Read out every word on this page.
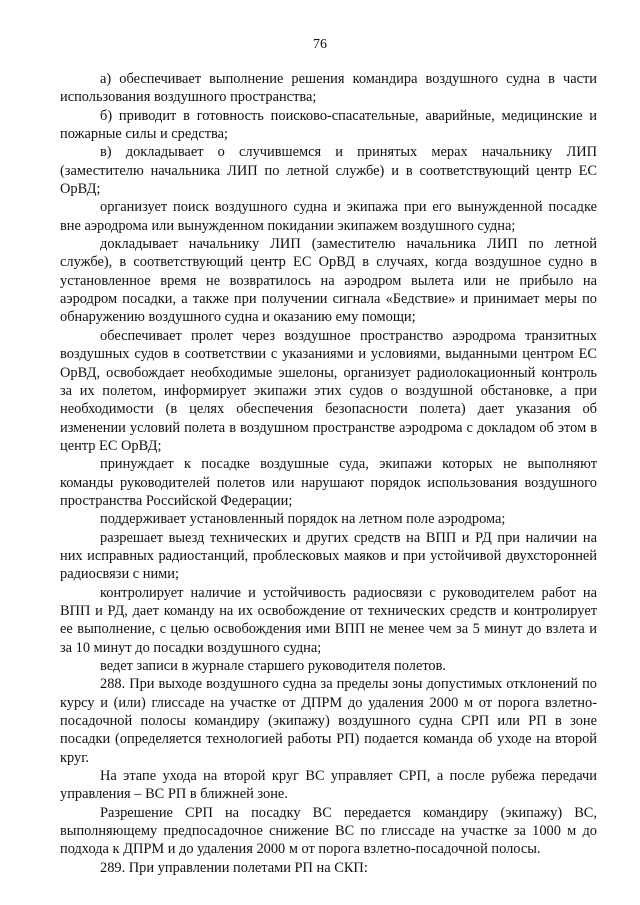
76

а) обеспечивает выполнение решения командира воздушного судна в части использования воздушного пространства;

б) приводит в готовность поисково-спасательные, аварийные, медицинские и пожарные силы и средства;

в) докладывает о случившемся и принятых мерах начальнику ЛИП (заместителю начальника ЛИП по летной службе) и в соответствующий центр ЕС ОрВД;

организует поиск воздушного судна и экипажа при его вынужденной посадке вне аэродрома или вынужденном покидании экипажем воздушного судна;

докладывает начальнику ЛИП (заместителю начальника ЛИП по летной службе), в соответствующий центр ЕС ОрВД в случаях, когда воздушное судно в установленное время не возвратилось на аэродром вылета или не прибыло на аэродром посадки, а также при получении сигнала «Бедствие» и принимает меры по обнаружению воздушного судна и оказанию ему помощи;

обеспечивает пролет через воздушное пространство аэродрома транзитных воздушных судов в соответствии с указаниями и условиями, выданными центром ЕС ОрВД, освобождает необходимые эшелоны, организует радиолокационный контроль за их полетом, информирует экипажи этих судов о воздушной обстановке, а при необходимости (в целях обеспечения безопасности полета) дает указания об изменении условий полета в воздушном пространстве аэродрома с докладом об этом в центр ЕС ОрВД;

принуждает к посадке воздушные суда, экипажи которых не выполняют команды руководителей полетов или нарушают порядок использования воздушного пространства Российской Федерации;

поддерживает установленный порядок на летном поле аэродрома;

разрешает выезд технических и других средств на ВПП и РД при наличии на них исправных радиостанций, проблесковых маяков и при устойчивой двухсторонней радиосвязи с ними;

контролирует наличие и устойчивость радиосвязи с руководителем работ на ВПП и РД, дает команду на их освобождение от технических средств и контролирует ее выполнение, с целью освобождения ими ВПП не менее чем за 5 минут до взлета и за 10 минут до посадки воздушного судна;

ведет записи в журнале старшего руководителя полетов.

288. При выходе воздушного судна за пределы зоны допустимых отклонений по курсу и (или) глиссаде на участке от ДПРМ до удаления 2000 м от порога взлетно-посадочной полосы командиру (экипажу) воздушного судна СРП или РП в зоне посадки (определяется технологией работы РП) подается команда об уходе на второй круг.

На этапе ухода на второй круг ВС управляет СРП, а после рубежа передачи управления – ВС РП в ближней зоне.

Разрешение СРП на посадку ВС передается командиру (экипажу) ВС, выполняющему предпосадочное снижение ВС по глиссаде на участке за 1000 м до подхода к ДПРМ и до удаления 2000 м от порога взлетно-посадочной полосы.

289. При управлении полетами РП на СКП:
